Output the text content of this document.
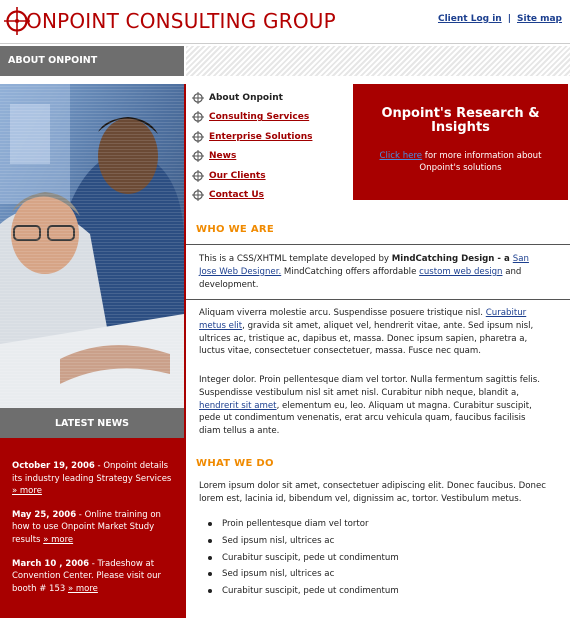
ONPOINT CONSULTING GROUP	Client Log in | Site map
ABOUT ONPOINT
LATEST NEWS
October 19, 2006 - Onpoint details its industry leading Strategy Services » more
May 25, 2006 - Online training on how to use Onpoint Market Study results » more
March 10 , 2006 - Tradeshow at Convention Center. Please visit our booth # 153 » more
About Onpoint
Consulting Services
Enterprise Solutions
News
Our Clients
Contact Us
Onpoint's Research & Insights

Click here for more information about Onpoint's solutions

WHO WE ARE
This is a CSS/XHTML template developed by MindCatching Design - a San Jose Web Designer. MindCatching offers affordable custom web design and development.
Aliquam viverra molestie arcu. Suspendisse posuere tristique nisl. Curabitur metus elit, gravida sit amet, aliquet vel, hendrerit vitae, ante. Sed ipsum nisl, ultrices ac, tristique ac, dapibus et, massa. Donec ipsum sapien, pharetra a, luctus vitae, consectetuer consectetuer, massa. Fusce nec quam.
Integer dolor. Proin pellentesque diam vel tortor. Nulla fermentum sagittis felis. Suspendisse vestibulum nisl sit amet nisl. Curabitur nibh neque, blandit a, hendrerit sit amet, elementum eu, leo. Aliquam ut magna. Curabitur suscipit, pede ut condimentum venenatis, erat arcu vehicula quam, faucibus facilisis diam tellus a ante.
WHAT WE DO
Lorem ipsum dolor sit amet, consectetuer adipiscing elit. Donec faucibus. Donec lorem est, lacinia id, bibendum vel, dignissim ac, tortor. Vestibulum metus.
Proin pellentesque diam vel tortor
Sed ipsum nisl, ultrices ac
Curabitur suscipit, pede ut condimentum
Sed ipsum nisl, ultrices ac
Curabitur suscipit, pede ut condimentum
